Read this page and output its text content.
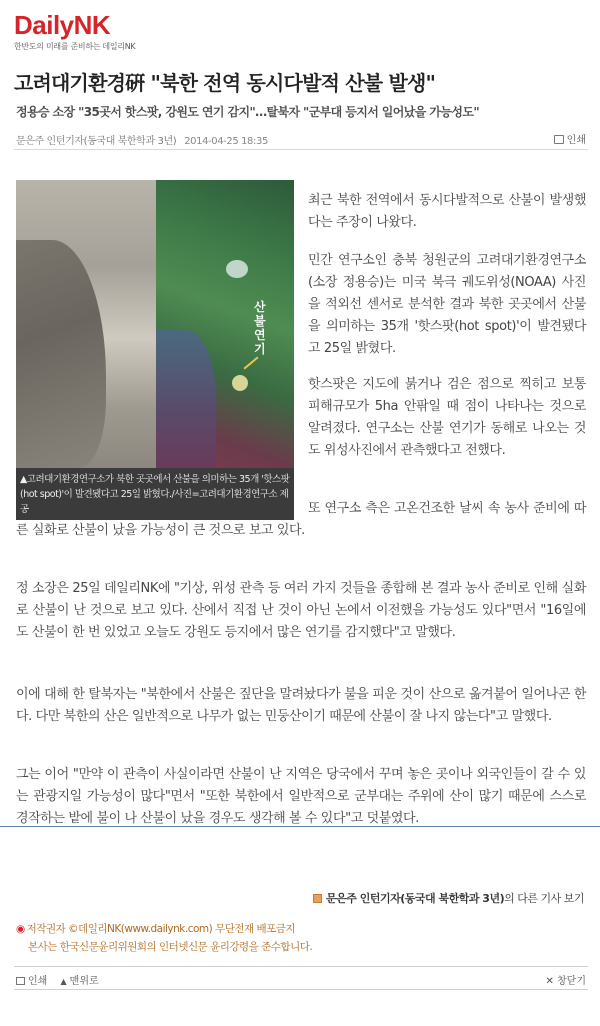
DailyNK
한반도의 미래를 준비하는 데일리NK
고려대기환경硏 "북한 전역 동시다발적 산불 발생"
정용승 소장 "35곳서 핫스팟, 강원도 연기 감지"…탈북자 "군부대 등지서 일어났을 가능성도"
문은주 인턴기자(동국대 북한학과 3년) 2014-04-25 18:35	인쇄
산불연기
▲고려대기환경연구소가 북한 곳곳에서 산불을 의미하는 35개 '핫스팟(hot spot)'이 발견됐다고 25일 밝혔다./사진=고려대기환경연구소 제공

최근 북한 전역에서 동시다발적으로 산불이 발생했다는 주장이 나왔다.

민간 연구소인 충북 청원군의 고려대기환경연구소(소장 정용승)는 미국 북극 궤도위성(NOAA) 사진을 적외선 센서로 분석한 결과 북한 곳곳에서 산불을 의미하는 35개 '핫스팟(hot spot)'이 발견됐다고 25일 밝혔다.

핫스팟은 지도에 붉거나 검은 점으로 찍히고 보통 피해규모가 5ha 안팎일 때 점이 나타나는 것으로 알려졌다. 연구소는 산불 연기가 동해로 나오는 것도 위성사진에서 관측했다고 전했다.

또 연구소 측은 고온건조한 날씨 속 농사 준비에 따른 실화로 산불이 났을 가능성이 큰 것으로 보고 있다.

정 소장은 25일 데일리NK에 "기상, 위성 관측 등 여러 가지 것들을 종합해 본 결과 농사 준비로 인해 실화로 산불이 난 것으로 보고 있다. 산에서 직접 난 것이 아닌 논에서 이전했을 가능성도 있다"면서 "16일에도 산불이 한 번 있었고 오늘도 강원도 등지에서 많은 연기를 감지했다"고 말했다.

이에 대해 한 탈북자는 "북한에서 산불은 짚단을 말려놨다가 불을 피운 것이 산으로 옮겨붙어 일어나곤 한다. 다만 북한의 산은 일반적으로 나무가 없는 민둥산이기 때문에 산불이 잘 나지 않는다"고 말했다.

그는 이어 "만약 이 관측이 사실이라면 산불이 난 지역은 당국에서 꾸며 놓은 곳이나 외국인들이 갈 수 있는 관광지일 가능성이 많다"면서 "또한 북한에서 일반적으로 군부대는 주위에 산이 많기 때문에 스스로 경작하는 밭에 불이 나 산불이 났을 경우도 생각해 볼 수 있다"고 덧붙였다.

문은주 인턴기자(동국대 북한학과 3년)의 다른 기사 보기
◉ 저작권자 ©데일리NK(www.dailynk.com) 무단전재 배포금지
본사는 한국신문윤리위원회의 인터넷신문 윤리강령을 준수합니다.
인쇄 ▲ 맨위로	✕ 창닫기
